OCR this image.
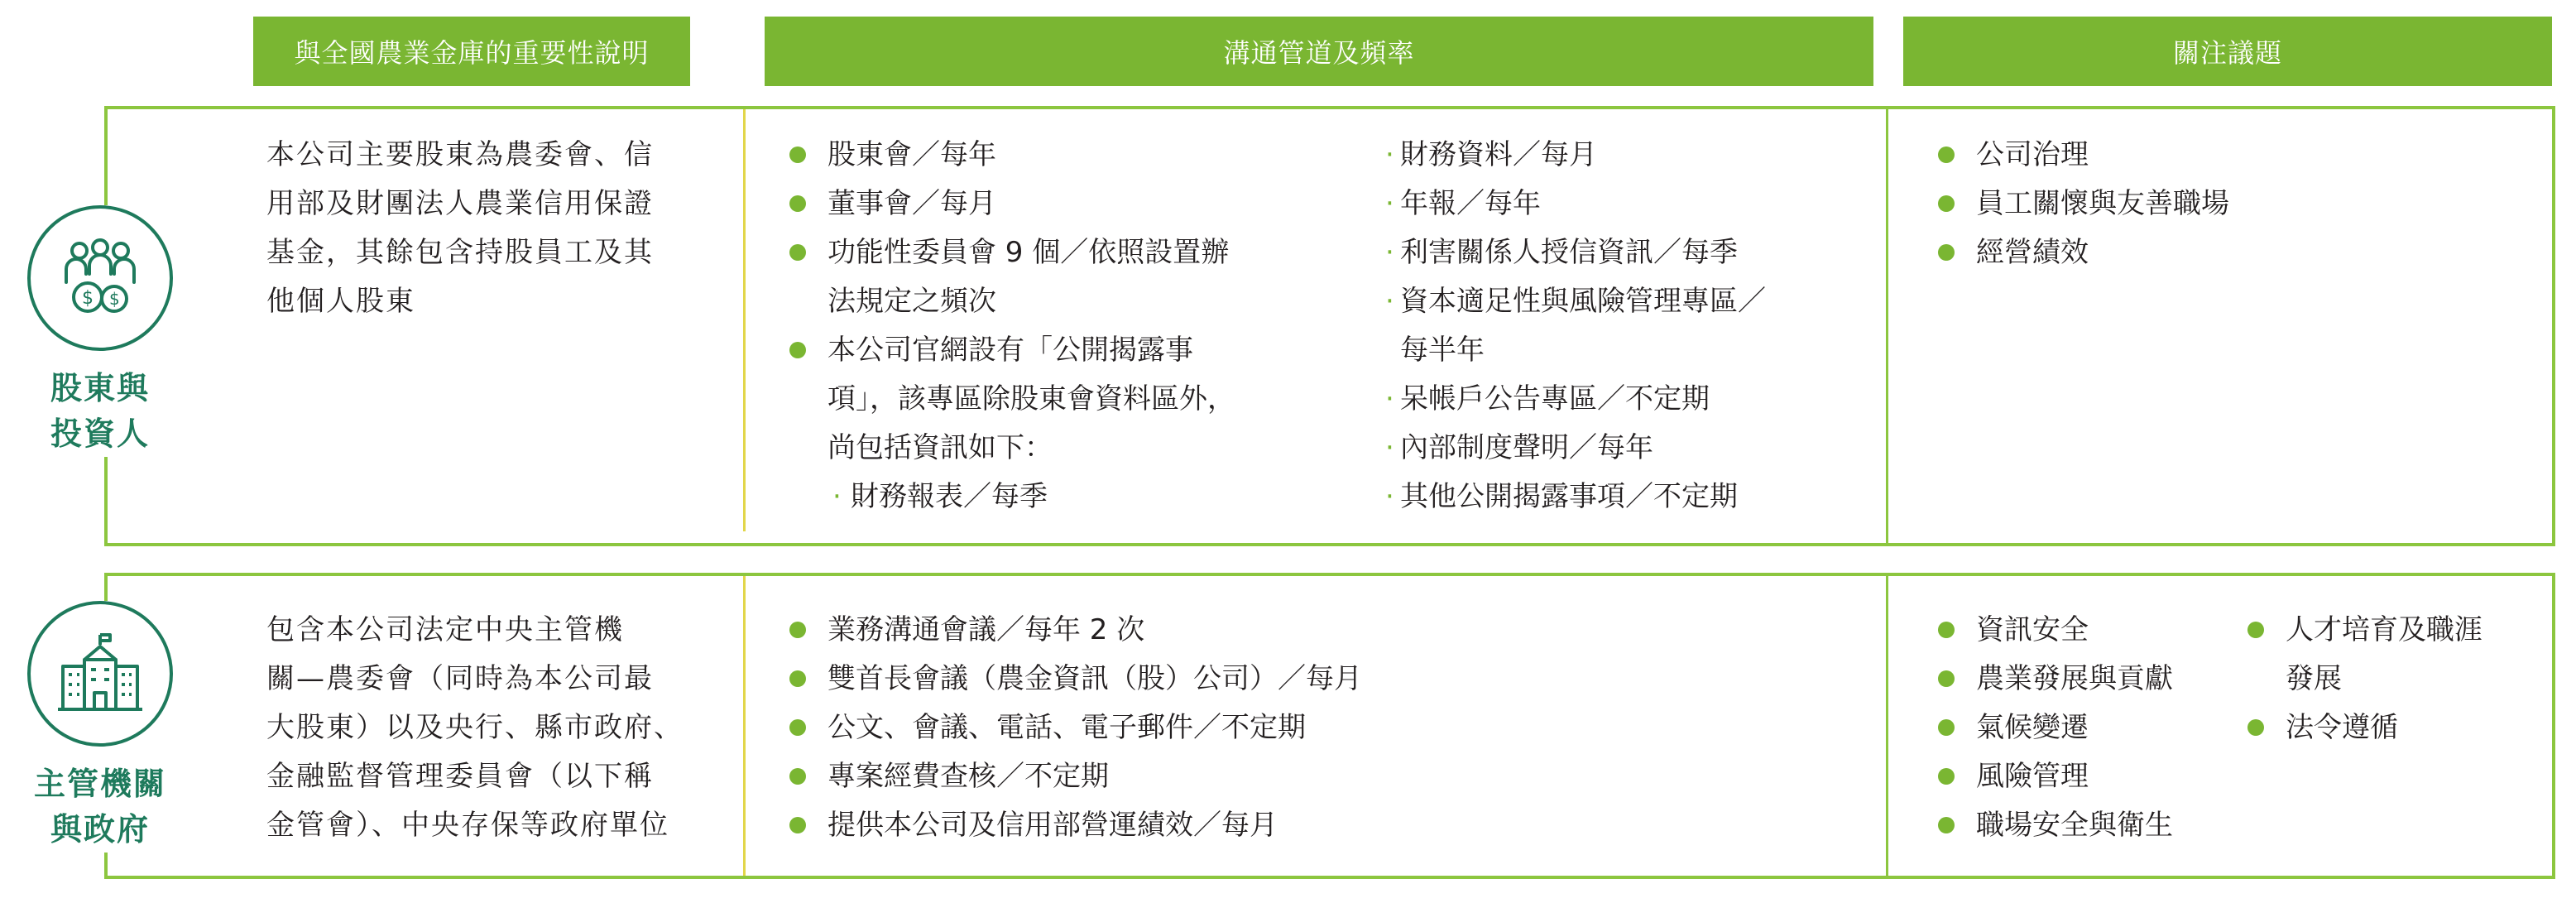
與全國農業金庫的重要性說明	溝通管道及頻率	關注議題
$ $
股東與
投資人
本公司主要股東為農委會、信
用部及財團法人農業信用保證
基金，其餘包含持股員工及其
他個人股東
股東會／每年
董事會／每月
功能性委員會 9 個／依照設置辦
法規定之頻次
本公司官網設有「公開揭露事
項」，該專區除股東會資料區外，
尚包括資訊如下：
· 財務報表／每季
· 財務資料／每月
· 年報／每年
· 利害關係人授信資訊／每季
· 資本適足性與風險管理專區／
每半年
· 呆帳戶公告專區／不定期
· 內部制度聲明／每年
· 其他公開揭露事項／不定期
公司治理
員工關懷與友善職場
經營績效
主管機關
與政府
包含本公司法定中央主管機
關—農委會（同時為本公司最
大股東）以及央行、縣市政府、
金融監督管理委員會（以下稱
金管會）、中央存保等政府單位
業務溝通會議／每年 2 次
雙首長會議（農金資訊（股）公司）／每月
公文、會議、電話、電子郵件／不定期
專案經費查核／不定期
提供本公司及信用部營運績效／每月
資訊安全
農業發展與貢獻
氣候變遷
風險管理
職場安全與衛生
人才培育及職涯
發展
法令遵循
